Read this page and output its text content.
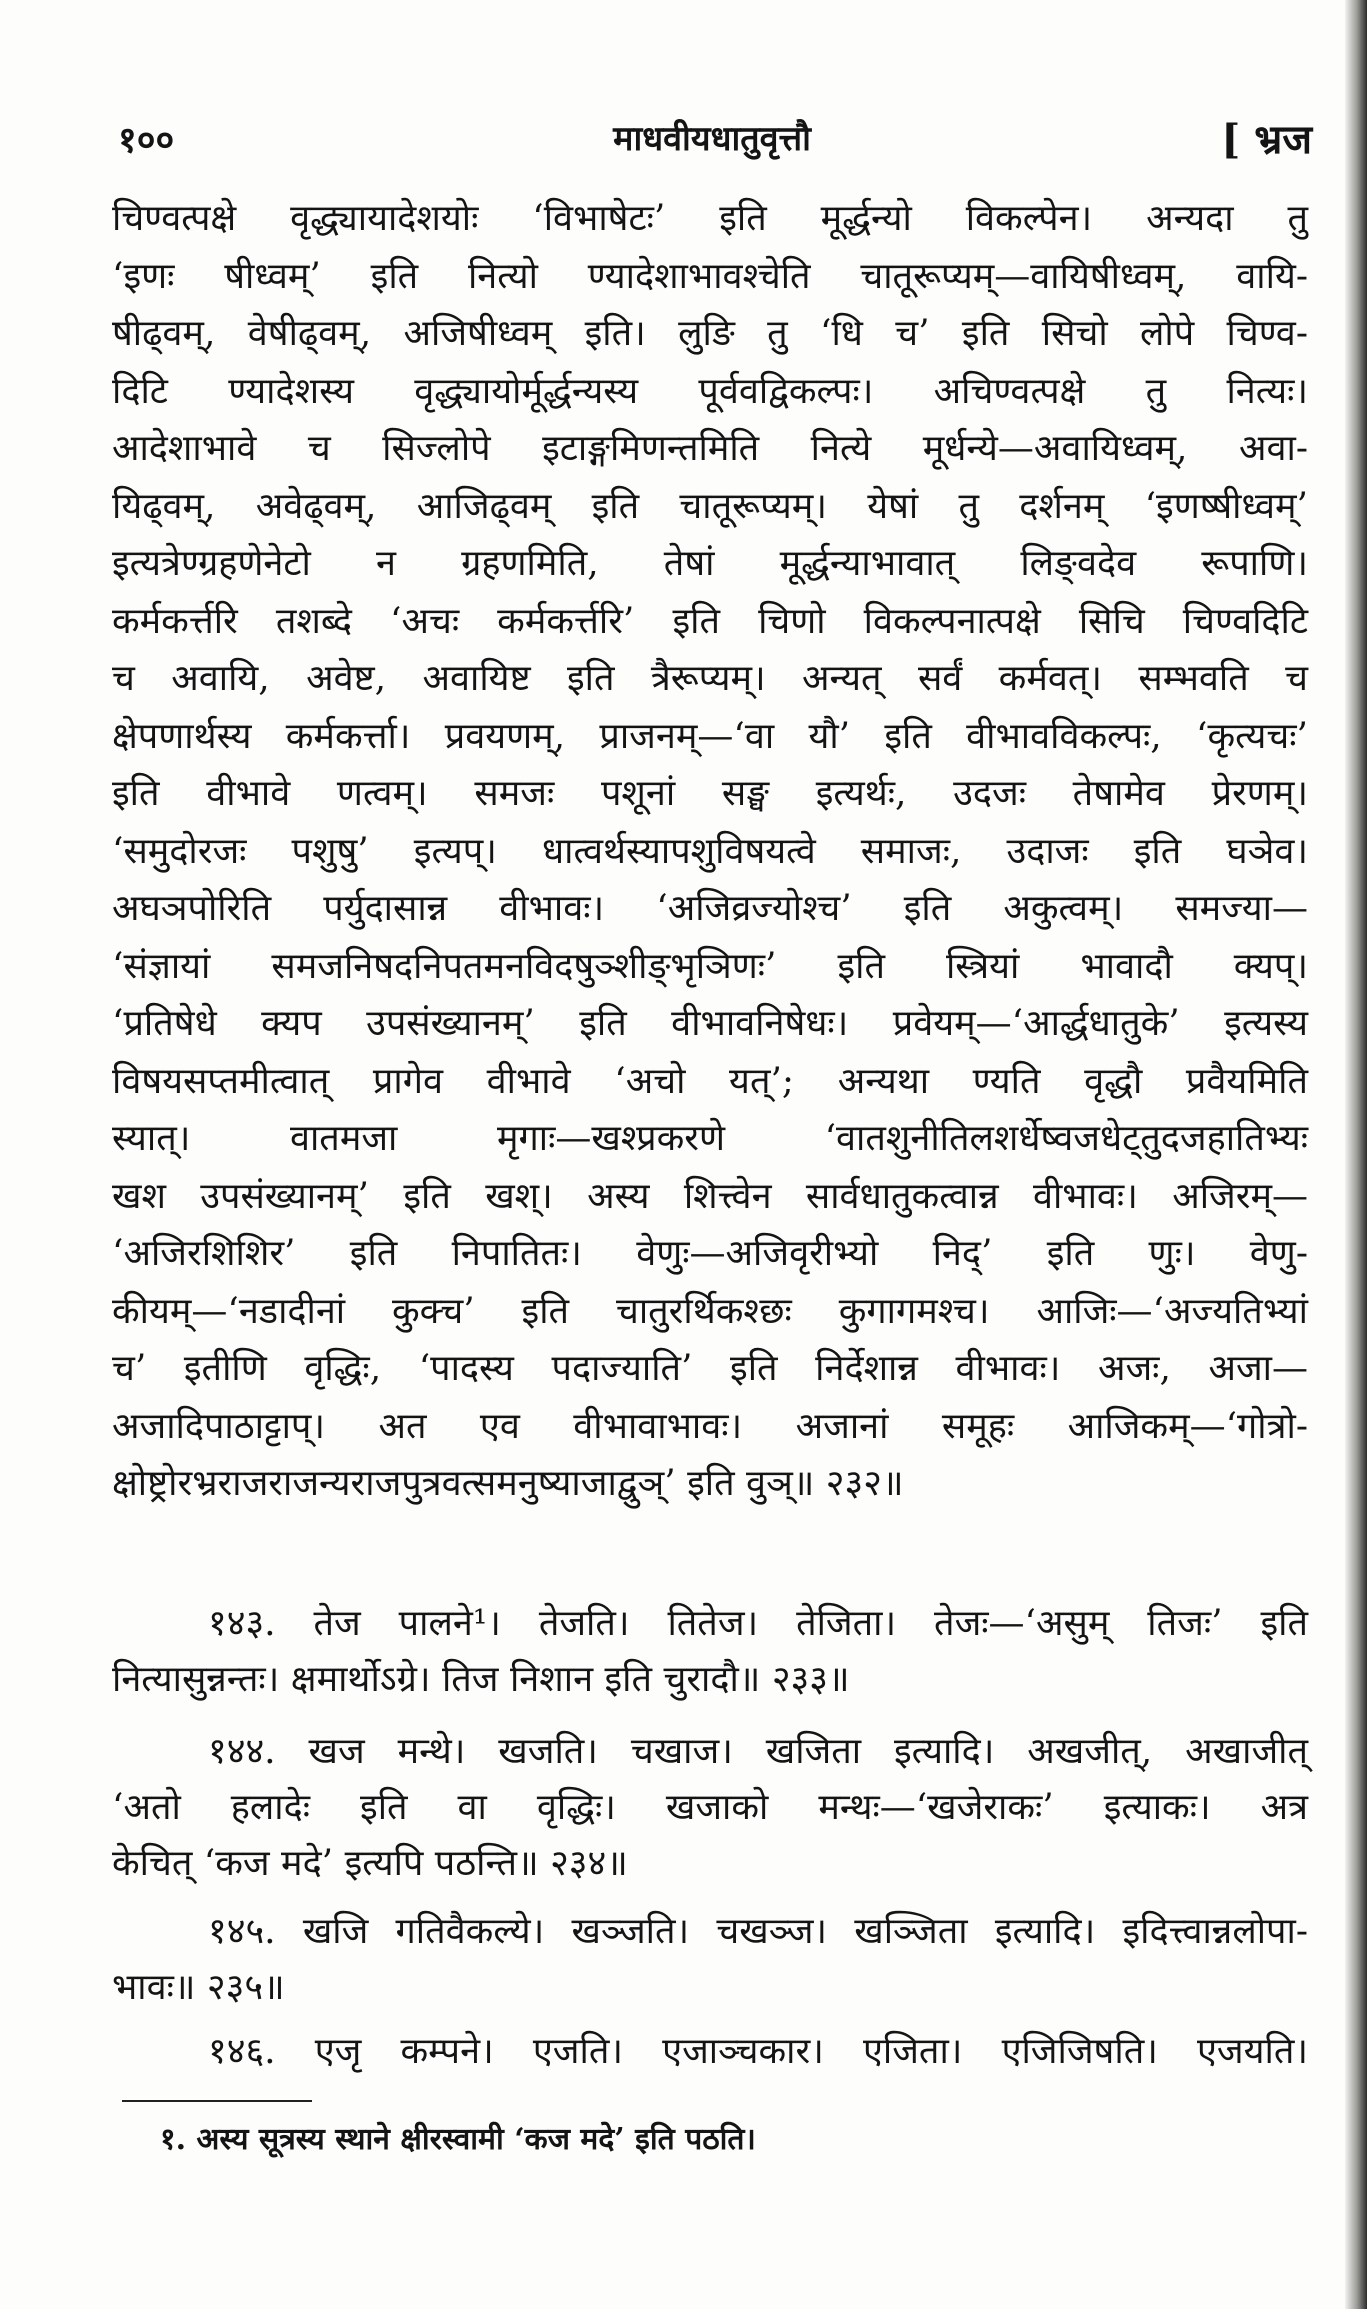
१००	माधवीयधातुवृत्तौ	[ भ्रज

चिण्वत्पक्षे वृद्ध्यायादेशयोः ‘विभाषेटः’ इति मूर्द्धन्यो विकल्पेन। अन्यदा तु

‘इणः षीध्वम्’ इति नित्यो ण्यादेशाभावश्चेति चातूरूप्यम्—वायिषीध्वम्, वायि-

षीढ्वम्, वेषीढ्वम्, अजिषीध्वम् इति। लुङि तु ‘धि च’ इति सिचो लोपे चिण्व-

दिटि ण्यादेशस्य वृद्ध्यायोर्मूर्द्धन्यस्य पूर्ववद्विकल्पः। अचिण्वत्पक्षे तु नित्यः।

आदेशाभावे च सिज्लोपे इटाङ्गमिणन्तमिति नित्ये मूर्धन्ये—अवायिध्वम्, अवा-

यिढ्वम्, अवेढ्वम्, आजिढ्वम् इति चातूरूप्यम्। येषां तु दर्शनम् ‘इणष्षीध्वम्’

इत्यत्रेण्ग्रहणेनेटो न ग्रहणमिति, तेषां मूर्द्धन्याभावात् लिङ्वदेव रूपाणि।

कर्मकर्त्तरि तशब्दे ‘अचः कर्मकर्त्तरि’ इति चिणो विकल्पनात्पक्षे सिचि चिण्वदिटि

च अवायि, अवेष्ट, अवायिष्ट इति त्रैरूप्यम्। अन्यत् सर्वं कर्मवत्। सम्भवति च

क्षेपणार्थस्य कर्मकर्त्ता। प्रवयणम्, प्राजनम्—‘वा यौ’ इति वीभावविकल्पः, ‘कृत्यचः’

इति वीभावे णत्वम्। समजः पशूनां सङ्घ इत्यर्थः, उदजः तेषामेव प्रेरणम्।

‘समुदोरजः पशुषु’ इत्यप्। धात्वर्थस्यापशुविषयत्वे समाजः, उदाजः इति घञेव।

अघञपोरिति पर्युदासान्न वीभावः। ‘अजिव्रज्योश्च’ इति अकुत्वम्। समज्या—

‘संज्ञायां समजनिषदनिपतमनविदषुञ्शीङ्भृञिणः’ इति स्त्रियां भावादौ क्यप्।

‘प्रतिषेधे क्यप उपसंख्यानम्’ इति वीभावनिषेधः। प्रवेयम्—‘आर्द्धधातुके’ इत्यस्य

विषयसप्तमीत्वात् प्रागेव वीभावे ‘अचो यत्’; अन्यथा ण्यति वृद्धौ प्रवैयमिति

स्यात्। वातमजा मृगाः—खश्प्रकरणे ‘वातशुनीतिलशर्धेष्वजधेट्तुदजहातिभ्यः

खश उपसंख्यानम्’ इति खश्। अस्य शित्त्वेन सार्वधातुकत्वान्न वीभावः। अजिरम्—

‘अजिरशिशिर’ इति निपातितः। वेणुः—अजिवृरीभ्यो निद्’ इति णुः। वेणु-

कीयम्—‘नडादीनां कुक्च’ इति चातुरर्थिकश्छः कुगागमश्च। आजिः—‘अज्यतिभ्यां

च’ इतीणि वृद्धिः, ‘पादस्य पदाज्याति’ इति निर्देशान्न वीभावः। अजः, अजा—

अजादिपाठाट्टाप्। अत एव वीभावाभावः। अजानां समूहः आजिकम्—‘गोत्रो-

क्षोष्ट्रोरभ्रराजराजन्यराजपुत्रवत्समनुष्याजाद्वुञ्’ इति वुञ्॥ २३२॥

१४३. तेज पालने¹। तेजति। तितेज। तेजिता। तेजः—‘असुम् तिजः’ इति

नित्यासुन्नन्तः। क्षमार्थोऽग्रे। तिज निशान इति चुरादौ॥ २३३॥

१४४. खज मन्थे। खजति। चखाज। खजिता इत्यादि। अखजीत्, अखाजीत्

‘अतो हलादेः इति वा वृद्धिः। खजाको मन्थः—‘खजेराकः’ इत्याकः। अत्र

केचित् ‘कज मदे’ इत्यपि पठन्ति॥ २३४॥

१४५. खजि गतिवैकल्ये। खञ्जति। चखञ्ज। खञ्जिता इत्यादि। इदित्त्वान्नलोपा-

भावः॥ २३५॥

१४६. एजृ कम्पने। एजति। एजाञ्चकार। एजिता। एजिजिषति। एजयति।

१. अस्य सूत्रस्य स्थाने क्षीरस्वामी ‘कज मदे’ इति पठति।
